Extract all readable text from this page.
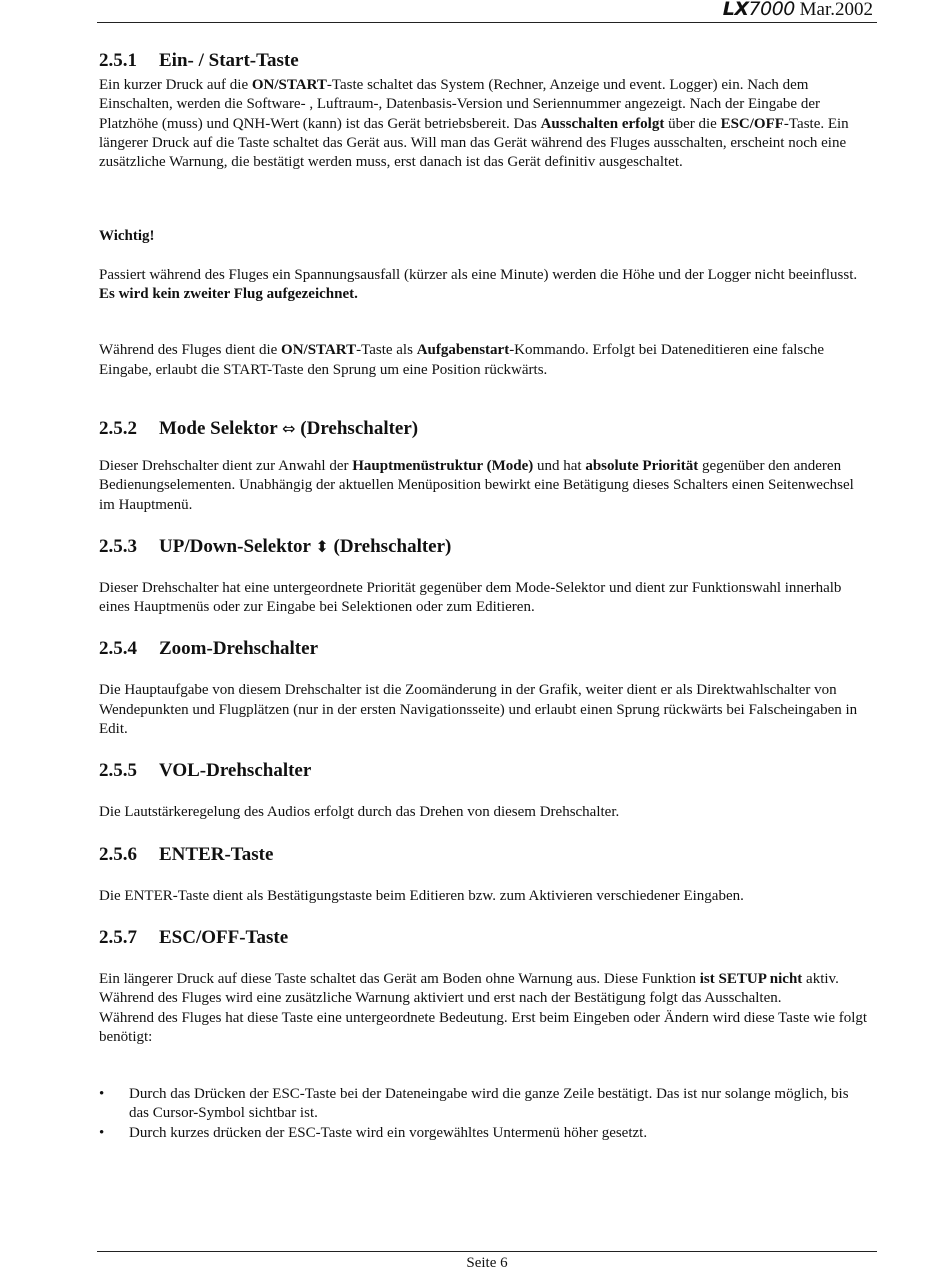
LX7000 Mar.2002
2.5.1 Ein- / Start-Taste

Ein kurzer Druck auf die ON/START-Taste schaltet das System (Rechner, Anzeige und event. Logger) ein. Nach dem Einschalten, werden die Software- , Luftraum-, Datenbasis-Version und Seriennummer angezeigt. Nach der Eingabe der Platzhöhe (muss) und QNH-Wert (kann) ist das Gerät betriebsbereit. Das Ausschalten erfolgt über die ESC/OFF-Taste. Ein längerer Druck auf die Taste schaltet das Gerät aus. Will man das Gerät während des Fluges ausschalten, erscheint noch eine zusätzliche Warnung, die bestätigt werden muss, erst danach ist das Gerät definitiv ausgeschaltet.

Wichtig!

Passiert während des Fluges ein Spannungsausfall (kürzer als eine Minute) werden die Höhe und der Logger nicht beeinflusst. Es wird kein zweiter Flug aufgezeichnet.

Während des Fluges dient die ON/START-Taste als Aufgabenstart-Kommando. Erfolgt bei Dateneditieren eine falsche Eingabe, erlaubt die START-Taste den Sprung um eine Position rückwärts.

2.5.2 Mode Selektor ⇔ (Drehschalter)

Dieser Drehschalter dient zur Anwahl der Hauptmenüstruktur (Mode) und hat absolute Priorität gegenüber den anderen Bedienungselementen. Unabhängig der aktuellen Menüposition bewirkt eine Betätigung dieses Schalters einen Seitenwechsel im Hauptmenü.

2.5.3 UP/Down-Selektor ⬍ (Drehschalter)

Dieser Drehschalter hat eine untergeordnete Priorität gegenüber dem Mode-Selektor und dient zur Funktionswahl innerhalb eines Hauptmenüs oder zur Eingabe bei Selektionen oder zum Editieren.

2.5.4 Zoom-Drehschalter

Die Hauptaufgabe von diesem Drehschalter ist die Zoomänderung in der Grafik, weiter dient er als Direktwahlschalter von Wendepunkten und Flugplätzen (nur in der ersten Navigationsseite) und erlaubt einen Sprung rückwärts bei Falscheingaben in Edit.

2.5.5 VOL-Drehschalter

Die Lautstärkeregelung des Audios erfolgt durch das Drehen von diesem Drehschalter.

2.5.6 ENTER-Taste

Die ENTER-Taste dient als Bestätigungstaste beim Editieren bzw. zum Aktivieren verschiedener Eingaben.

2.5.7 ESC/OFF-Taste

Ein längerer Druck auf diese Taste schaltet das Gerät am Boden ohne Warnung aus. Diese Funktion ist SETUP nicht aktiv. Während des Fluges wird eine zusätzliche Warnung aktiviert und erst nach der Bestätigung folgt das Ausschalten.

Während des Fluges hat diese Taste eine untergeordnete Bedeutung. Erst beim Eingeben oder Ändern wird diese Taste wie folgt benötigt:

• Durch das Drücken der ESC-Taste bei der Dateneingabe wird die ganze Zeile bestätigt. Das ist nur solange möglich, bis das Cursor-Symbol sichtbar ist.
• Durch kurzes drücken der ESC-Taste wird ein vorgewähltes Untermenü höher gesetzt.
Seite 6
